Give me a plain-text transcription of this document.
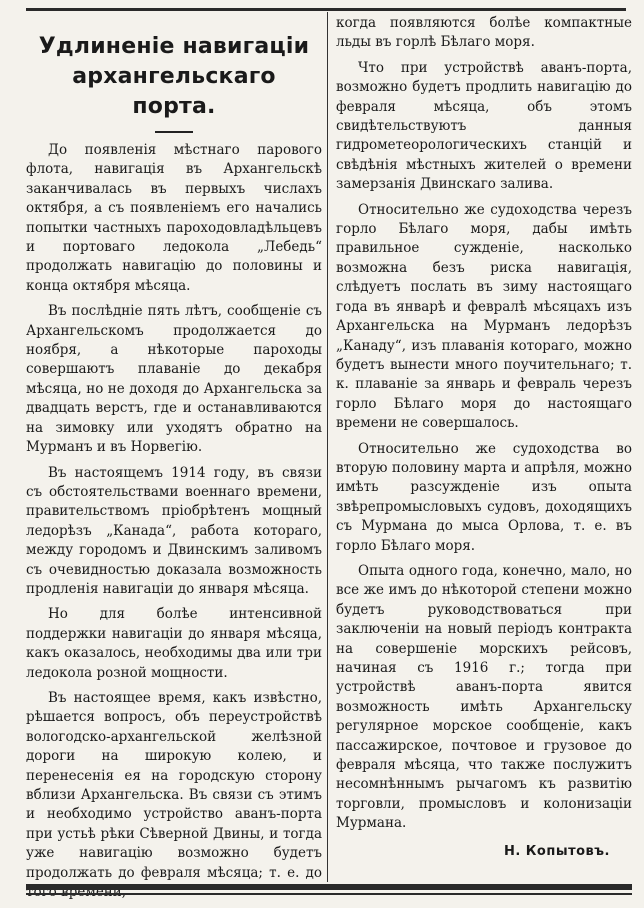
Удлиненіе навигаціи архангельскаго порта.

До появленія мѣстнаго парового флота, навигація въ Архангельскѣ заканчивалась въ первыхъ числахъ октября, а съ появленіемъ его начались попытки частныхъ пароходовладѣльцевъ и портоваго ледокола „Лебедь“ продолжать навигацію до половины и конца октября мѣсяца.

Въ послѣдніе пять лѣтъ, сообщеніе съ Архангельскомъ продолжается до ноября, а нѣкоторые пароходы совершаютъ плаваніе до декабря мѣсяца, но не доходя до Архангельска за двадцать верстъ, где и останавливаются на зимовку или уходятъ обратно на Мурманъ и въ Норвегію.

Въ настоящемъ 1914 году, въ связи съ обстоятельствами военнаго времени, правительствомъ пріобрѣтенъ мощный ледорѣзъ „Канада“, работа котораго, между городомъ и Двинскимъ заливомъ съ очевидностью доказала возможность продленія навигаціи до января мѣсяца.

Но для болѣе интенсивной поддержки навигаціи до января мѣсяца, какъ оказалось, необходимы два или три ледокола розной мощности.

Въ настоящее время, какъ извѣстно, рѣшается вопросъ, объ переустройствѣ вологодско-архангельской желѣзной дороги на широкую колею, и перенесенія ея на городскую сторону вблизи Архангельска. Въ связи съ этимъ и необходимо устройство аванъ-порта при устьѣ рѣки Сѣверной Двины, и тогда уже навигацію возможно будетъ продолжать до февраля мѣсяца; т. е. до

когда появляются болѣе компактные льды въ горлѣ Бѣлаго моря.

Что при устройствѣ аванъ-порта, возможно будетъ продлить навигацію до февраля мѣсяца, объ этомъ свидѣтельствуютъ данныя гидрометеорологическихъ станцій и свѣдѣнія мѣстныхъ жителей о времени замерзанія Двинскаго залива.

Относительно же судоходства черезъ горло Бѣлаго моря, дабы имѣть правильное сужденіе, насколько возможна безъ риска навигація, слѣдуетъ послать въ зиму настоящаго года въ январѣ и февралѣ мѣсяцахъ изъ Архангельска на Мурманъ ледорѣзъ „Канаду“, изъ плаванія котораго, можно будетъ вынести много поучительнаго; т. к. плаваніе за январь и февраль черезъ горло Бѣлаго моря до настоящаго времени не совершалось.

Относительно же судоходства во вторую половину марта и апрѣля, можно имѣть разсужденіе изъ опыта звѣрепромысловыхъ судовъ, доходящихъ съ Мурмана до мыса Орлова, т. е. въ горло Бѣлаго моря.

Опыта одного года, конечно, мало, но все же имъ до нѣкоторой степени можно будетъ руководствоваться при заключеніи на новый періодъ контракта на совершеніе морскихъ рейсовъ, начиная съ 1916 г.; тогда при устройствѣ аванъ-порта явится возможность имѣть Архангельску регулярное морское сообщеніе, какъ пассажирское, почтовое и грузовое до февраля мѣсяца, что также послужитъ несомнѣннымъ рычагомъ къ развитію торговли, промысловъ и колонизаціи Мурмана.

Н. Копытовъ.
